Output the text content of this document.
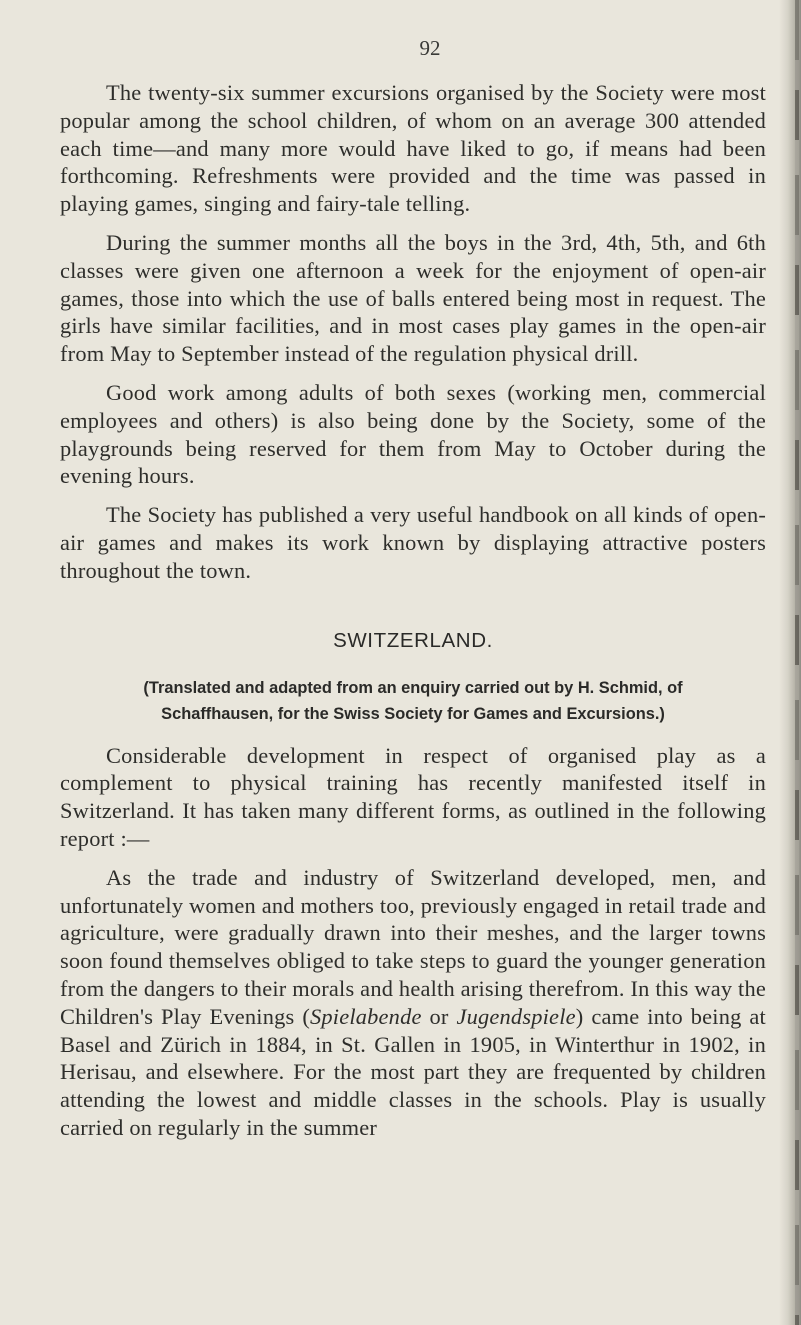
92

The twenty-six summer excursions organised by the Society were most popular among the school children, of whom on an average 300 attended each time—and many more would have liked to go, if means had been forthcoming. Refreshments were provided and the time was passed in playing games, singing and fairy-tale telling.

During the summer months all the boys in the 3rd, 4th, 5th, and 6th classes were given one afternoon a week for the enjoyment of open-air games, those into which the use of balls entered being most in request. The girls have similar facilities, and in most cases play games in the open-air from May to September instead of the regulation physical drill.

Good work among adults of both sexes (working men, commercial employees and others) is also being done by the Society, some of the playgrounds being reserved for them from May to October during the evening hours.

The Society has published a very useful handbook on all kinds of open-air games and makes its work known by displaying attractive posters throughout the town.

SWITZERLAND.
(Translated and adapted from an enquiry carried out by H. Schmid, of
Schaffhausen, for the Swiss Society for Games and Excursions.)

Considerable development in respect of organised play as a complement to physical training has recently manifested itself in Switzerland. It has taken many different forms, as outlined in the following report :—

As the trade and industry of Switzerland developed, men, and unfortunately women and mothers too, previously engaged in retail trade and agriculture, were gradually drawn into their meshes, and the larger towns soon found themselves obliged to take steps to guard the younger generation from the dangers to their morals and health arising therefrom. In this way the Children's Play Evenings (Spielabende or Jugendspiele) came into being at Basel and Zürich in 1884, in St. Gallen in 1905, in Winterthur in 1902, in Herisau, and elsewhere. For the most part they are frequented by children attending the lowest and middle classes in the schools. Play is usually carried on regularly in the summer
